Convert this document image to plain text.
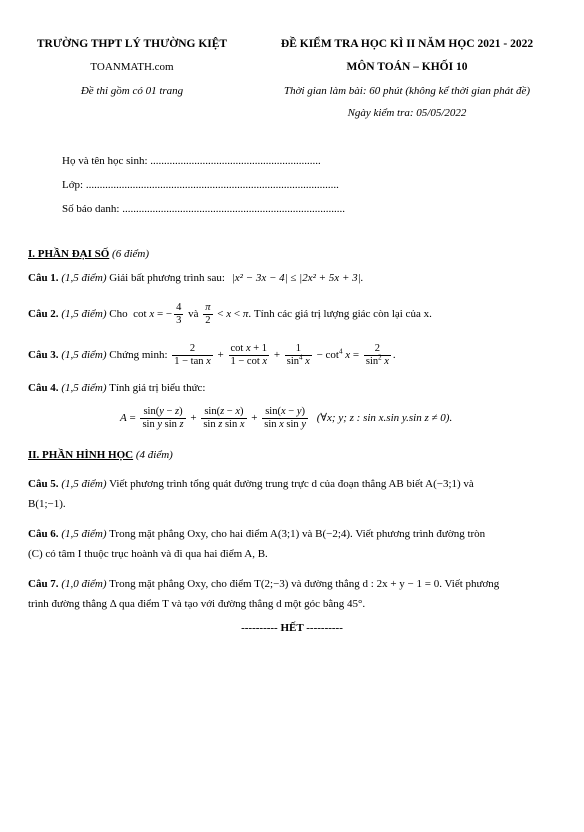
TRƯỜNG THPT LÝ THƯỜNG KIỆT
TOANMATH.com
Đề thi gồm có 01 trang
ĐỀ KIỂM TRA HỌC KÌ II NĂM HỌC 2021 - 2022
MÔN TOÁN – KHỐI 10
Thời gian làm bài: 60 phút (không kể thời gian phát đề)
Ngày kiểm tra: 05/05/2022
Họ và tên học sinh: ..............................................................
Lớp: ............................................................................................
Số báo danh: .................................................................................
I. PHẦN ĐẠI SỐ (6 điểm)
Câu 1. (1,5 điểm) Giải bất phương trình sau: |x² − 3x − 4| ≤ |2x² + 5x + 3|.
Câu 2. (1,5 điểm) Cho  cot x = − $\frac{4}{3}$ và $\frac{\pi}{2} < x < \pi$. Tính các giá trị lượng giác còn lại của x.
Câu 3. (1,5 điểm) Chứng minh: $\frac{2}{\text{1 − tan x}} + \frac{\text{cot x + 1}}{\text{1 − cot x}} + \frac{1}{\sin^4 x} - \cot^4 x = \frac{2}{\sin^2 x}$ .
Câu 4. (1,5 điểm) Tính giá trị biểu thức:
$A = \frac{\sin(y - z)}{\text{sin y sin z}} + \frac{\sin(z - x)}{\text{sin z sin x}} + \frac{\sin(x - y)}{\text{sin x sin y}}$ (∀x; y; z : sin x.sin y.sin z ≠ 0).
II. PHẦN HÌNH HỌC (4 điểm)
Câu 5. (1,5 điểm) Viết phương trình tổng quát đường trung trực d của đoạn thẳng AB biết A(−3;1) và
B(1;−1).
Câu 6. (1,5 điểm) Trong mặt phẳng Oxy, cho hai điểm A(3;1) và B(−2;4). Viết phương trình đường tròn
(C) có tâm I thuộc trục hoành và đi qua hai điểm A, B.
Câu 7. (1,0 điểm) Trong mặt phẳng Oxy, cho điểm T(2;−3) và đường thẳng d : 2x + y − 1 = 0. Viết phương
trình đường thẳng Δ qua điểm T và tạo với đường thẳng d một góc bằng 45°.
---------- HẾT ----------
